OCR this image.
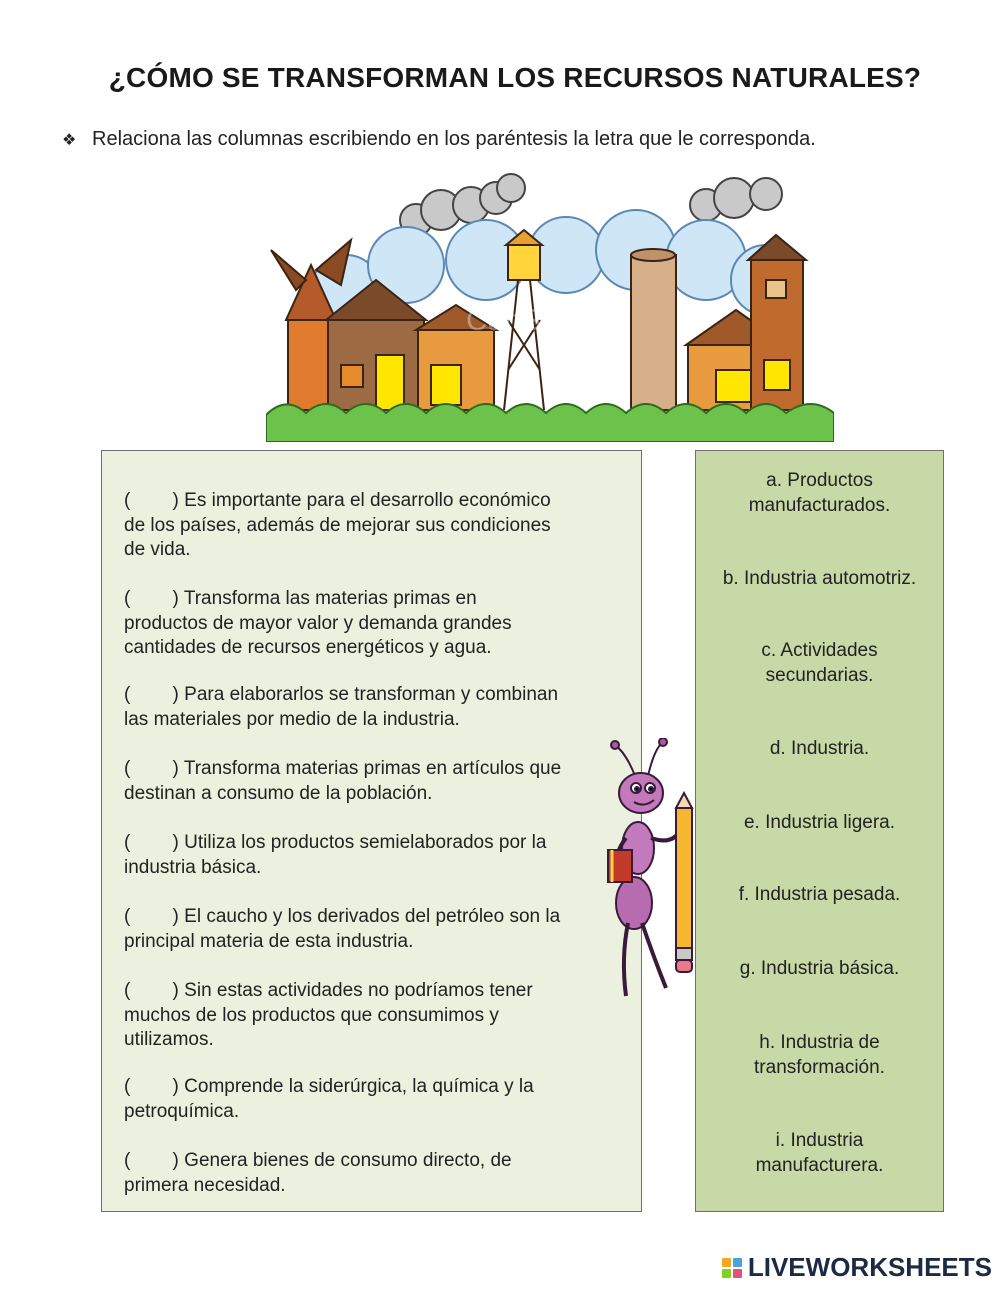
¿CÓMO SE TRANSFORMAN LOS RECURSOS NATURALES?
❖ Relaciona las columnas escribiendo en los paréntesis la letra que le corresponda.
CanStock
(        ) Es importante para el desarrollo económico
de los países, además de mejorar sus condiciones
de vida.
(        ) Transforma las materias primas en
productos de mayor valor y demanda grandes
cantidades de recursos energéticos y agua.
(        ) Para elaborarlos se transforman y combinan
las materiales por medio de la industria.
(        ) Transforma materias primas en artículos que
destinan a consumo de la población.
(        ) Utiliza los productos semielaborados por la
industria básica.
(        ) El caucho y los derivados del petróleo son la
principal materia de esta industria.
(        ) Sin estas actividades no podríamos tener
muchos de los productos que consumimos y
utilizamos.
(        ) Comprende la siderúrgica, la química y la
petroquímica.
(        ) Genera bienes de consumo directo, de
primera necesidad.
a. Productos
manufacturados.
b. Industria automotriz.
c. Actividades
secundarias.
d. Industria.
e. Industria ligera.
f. Industria pesada.
g. Industria básica.
h. Industria de
transformación.
i. Industria
manufacturera.
LIVEWORKSHEETS
